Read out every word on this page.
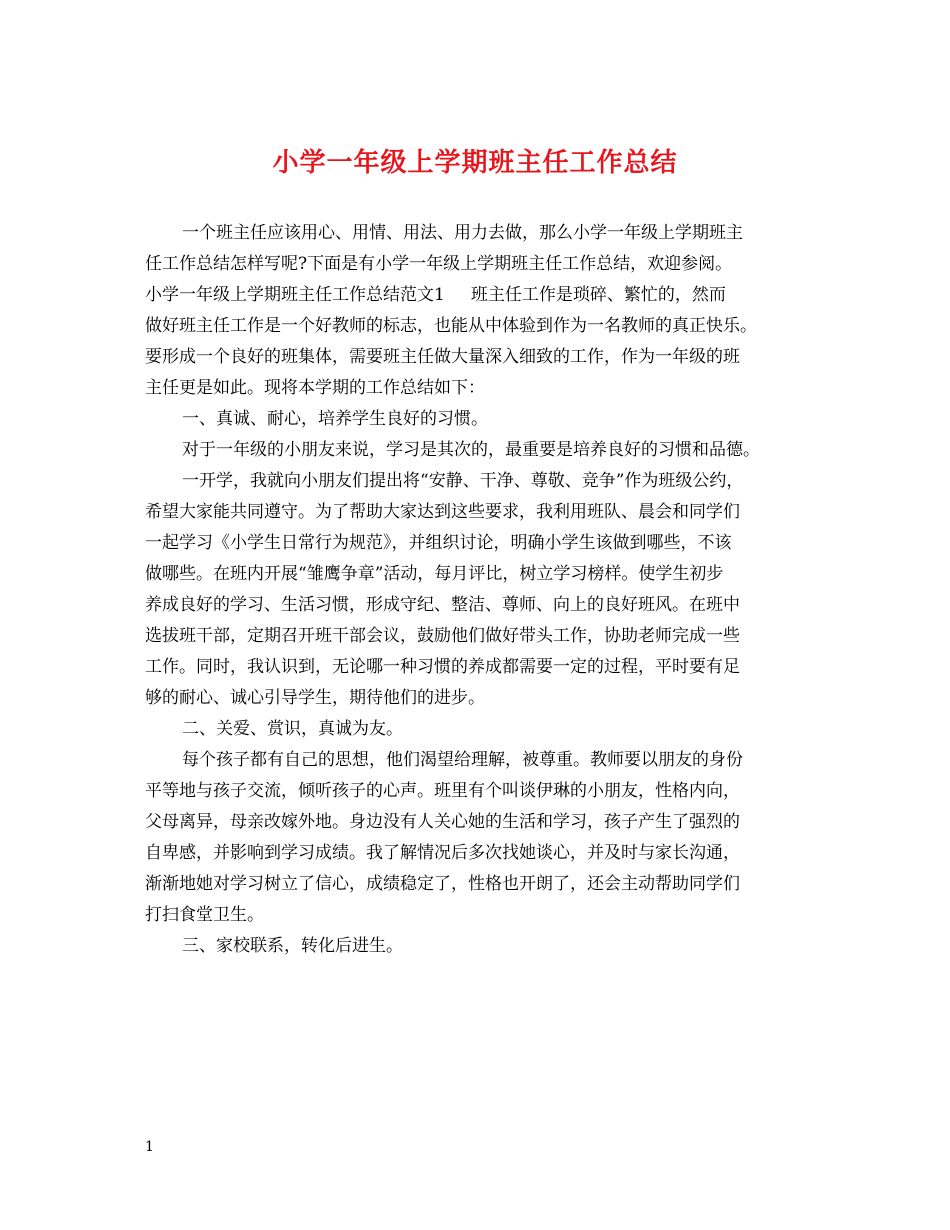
小学一年级上学期班主任工作总结
一个班主任应该用心、用情、用法、用力去做，那么小学一年级上学期班主
任工作总结怎样写呢?下面是有小学一年级上学期班主任工作总结，欢迎参阅。
小学一年级上学期班主任工作总结范文1 班主任工作是琐碎、繁忙的，然而
做好班主任工作是一个好教师的标志，也能从中体验到作为一名教师的真正快乐。
要形成一个良好的班集体，需要班主任做大量深入细致的工作，作为一年级的班
主任更是如此。现将本学期的工作总结如下：
一、真诚、耐心，培养学生良好的习惯。
对于一年级的小朋友来说，学习是其次的，最重要是培养良好的习惯和品德。
一开学，我就向小朋友们提出将“安静、干净、尊敬、竞争”作为班级公约，
希望大家能共同遵守。为了帮助大家达到这些要求，我利用班队、晨会和同学们
一起学习《小学生日常行为规范》，并组织讨论，明确小学生该做到哪些，不该
做哪些。在班内开展“雏鹰争章”活动，每月评比，树立学习榜样。使学生初步
养成良好的学习、生活习惯，形成守纪、整洁、尊师、向上的良好班风。在班中
选拔班干部，定期召开班干部会议，鼓励他们做好带头工作，协助老师完成一些
工作。同时，我认识到，无论哪一种习惯的养成都需要一定的过程，平时要有足
够的耐心、诚心引导学生，期待他们的进步。
二、关爱、赏识，真诚为友。
每个孩子都有自己的思想，他们渴望给理解，被尊重。教师要以朋友的身份
平等地与孩子交流，倾听孩子的心声。班里有个叫谈伊琳的小朋友，性格内向，
父母离异，母亲改嫁外地。身边没有人关心她的生活和学习，孩子产生了强烈的
自卑感，并影响到学习成绩。我了解情况后多次找她谈心，并及时与家长沟通，
渐渐地她对学习树立了信心，成绩稳定了，性格也开朗了，还会主动帮助同学们
打扫食堂卫生。
三、家校联系，转化后进生。
1
